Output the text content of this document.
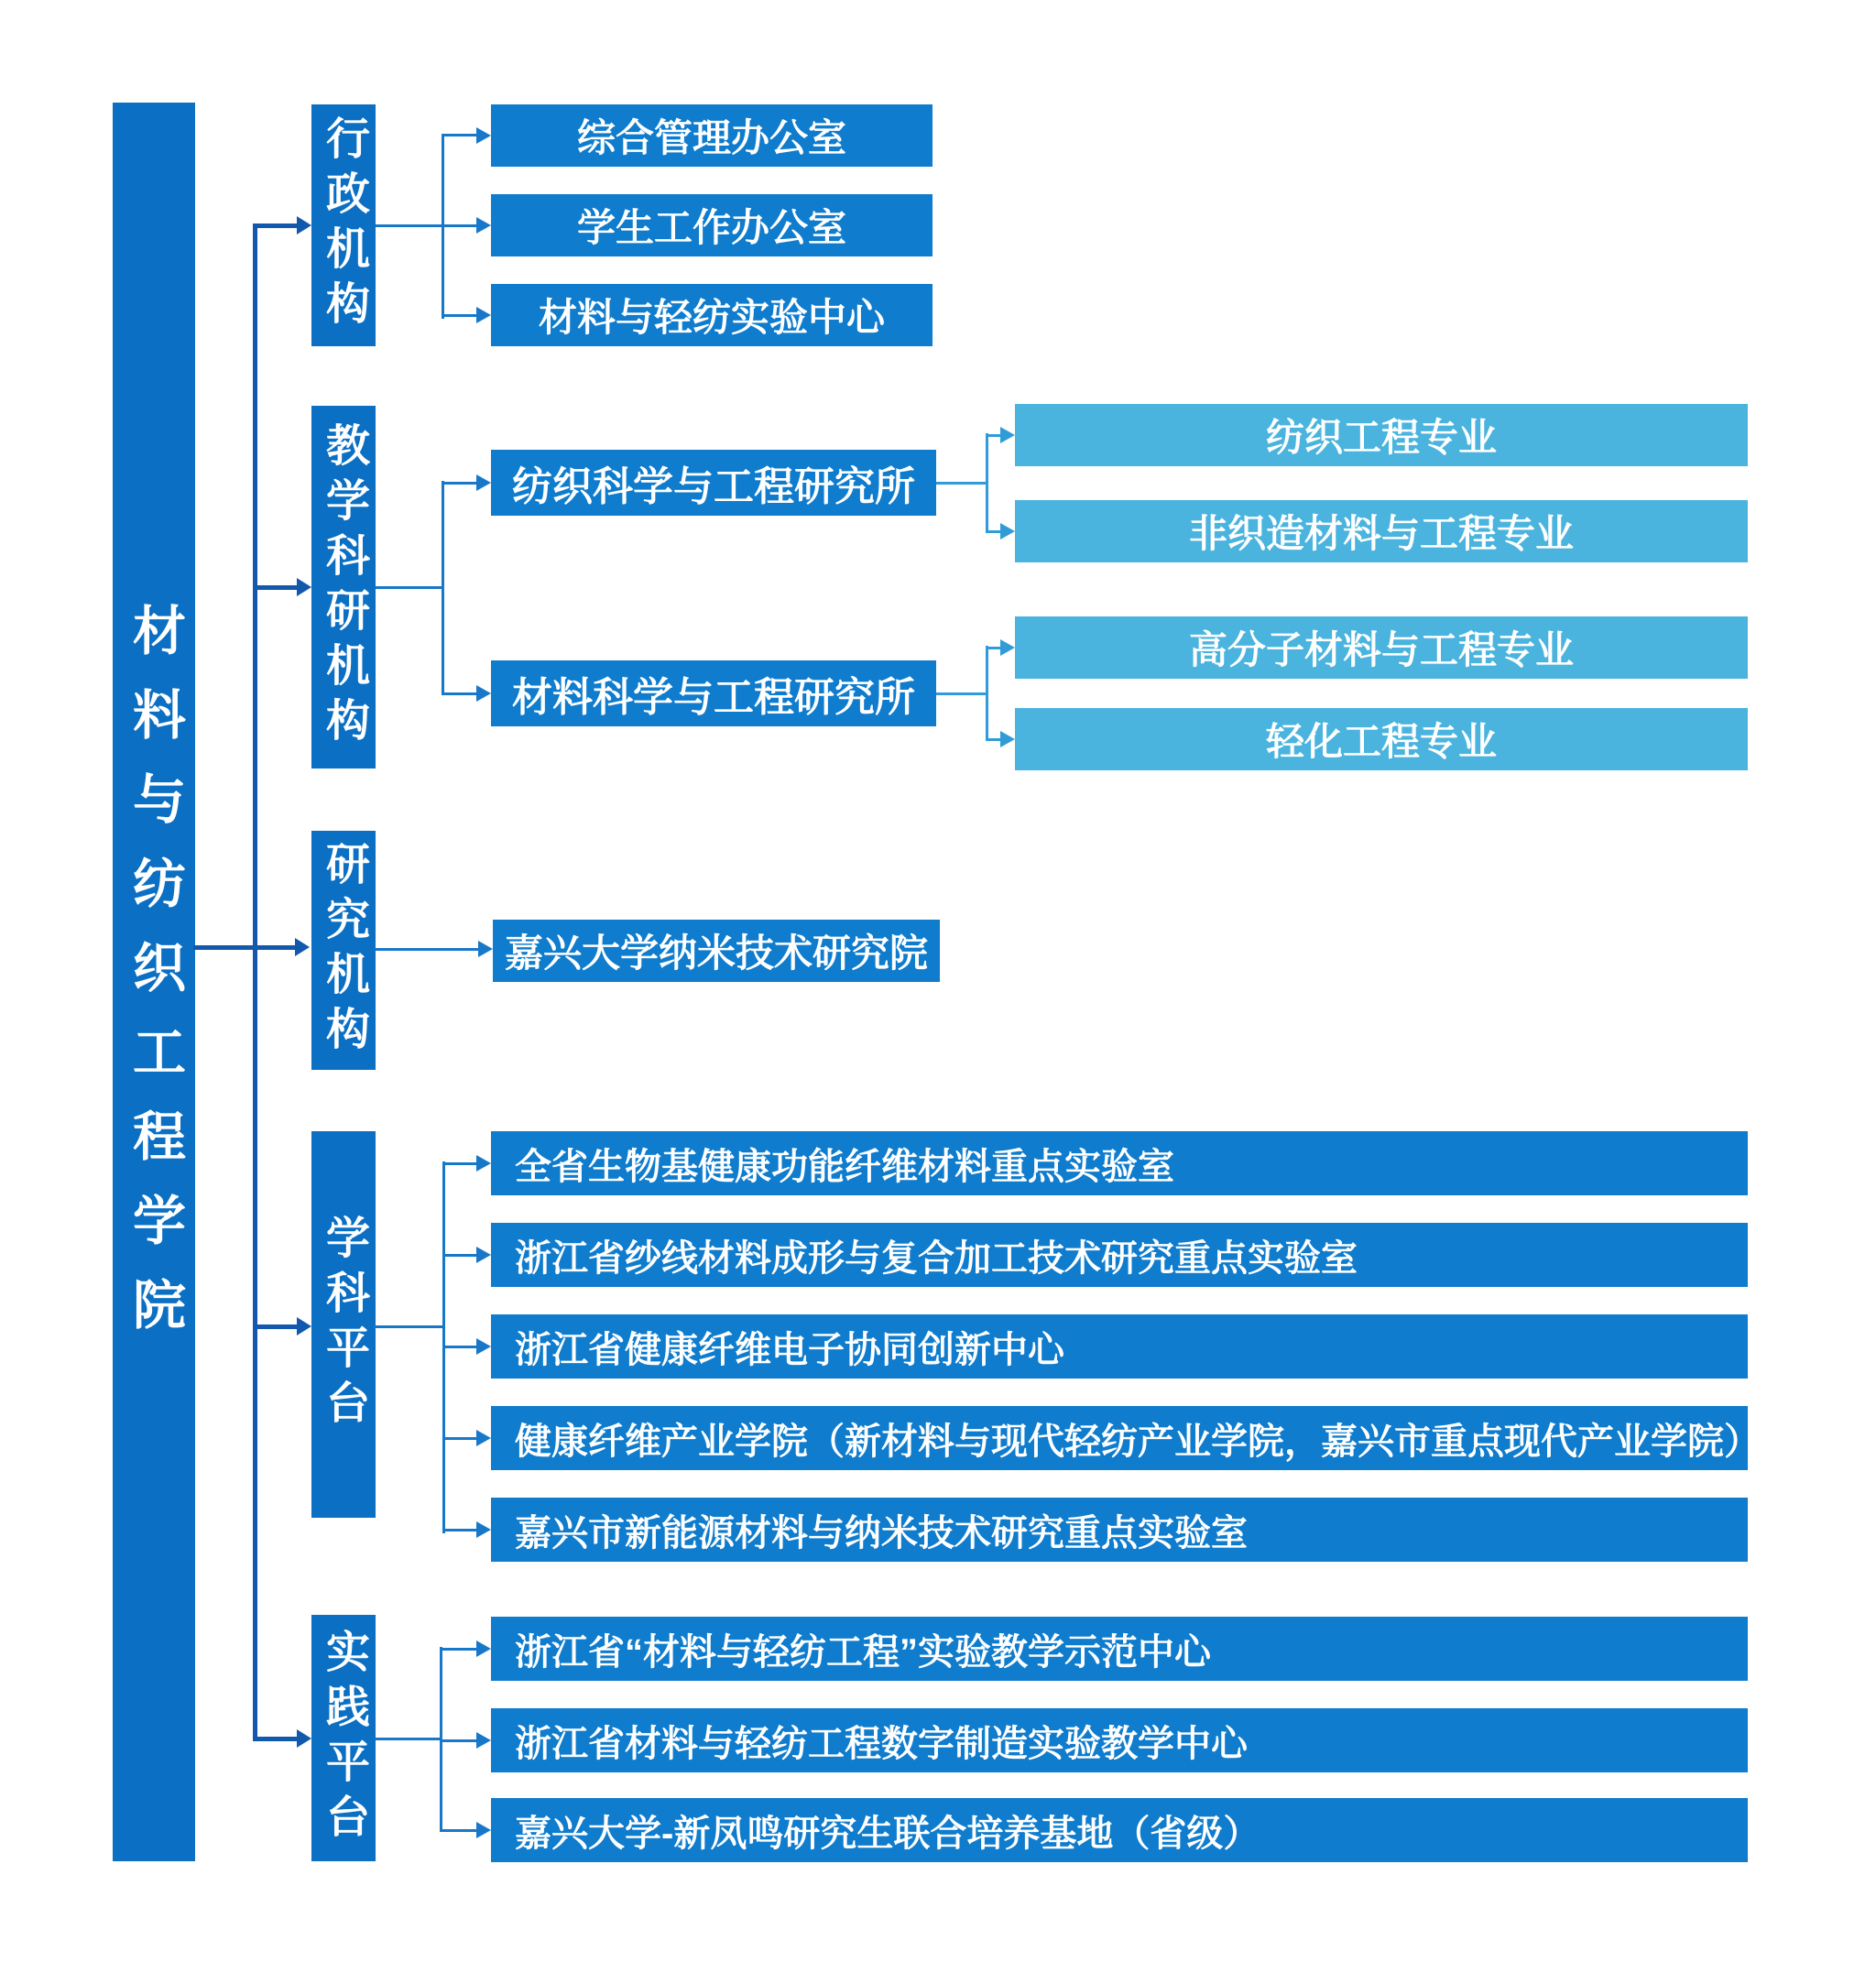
材料与纺织工程学院
行政机构
教学科研机构
研究机构
学科平台
实践平台
综合管理办公室
学生工作办公室
材料与轻纺实验中心
纺织科学与工程研究所
材料科学与工程研究所
纺织工程专业
非织造材料与工程专业
高分子材料与工程专业
轻化工程专业
嘉兴大学纳米技术研究院
全省生物基健康功能纤维材料重点实验室
浙江省纱线材料成形与复合加工技术研究重点实验室
浙江省健康纤维电子协同创新中心
健康纤维产业学院（新材料与现代轻纺产业学院，嘉兴市重点现代产业学院）
嘉兴市新能源材料与纳米技术研究重点实验室
浙江省“材料与轻纺工程”实验教学示范中心
浙江省材料与轻纺工程数字制造实验教学中心
嘉兴大学-新凤鸣研究生联合培养基地（省级）
